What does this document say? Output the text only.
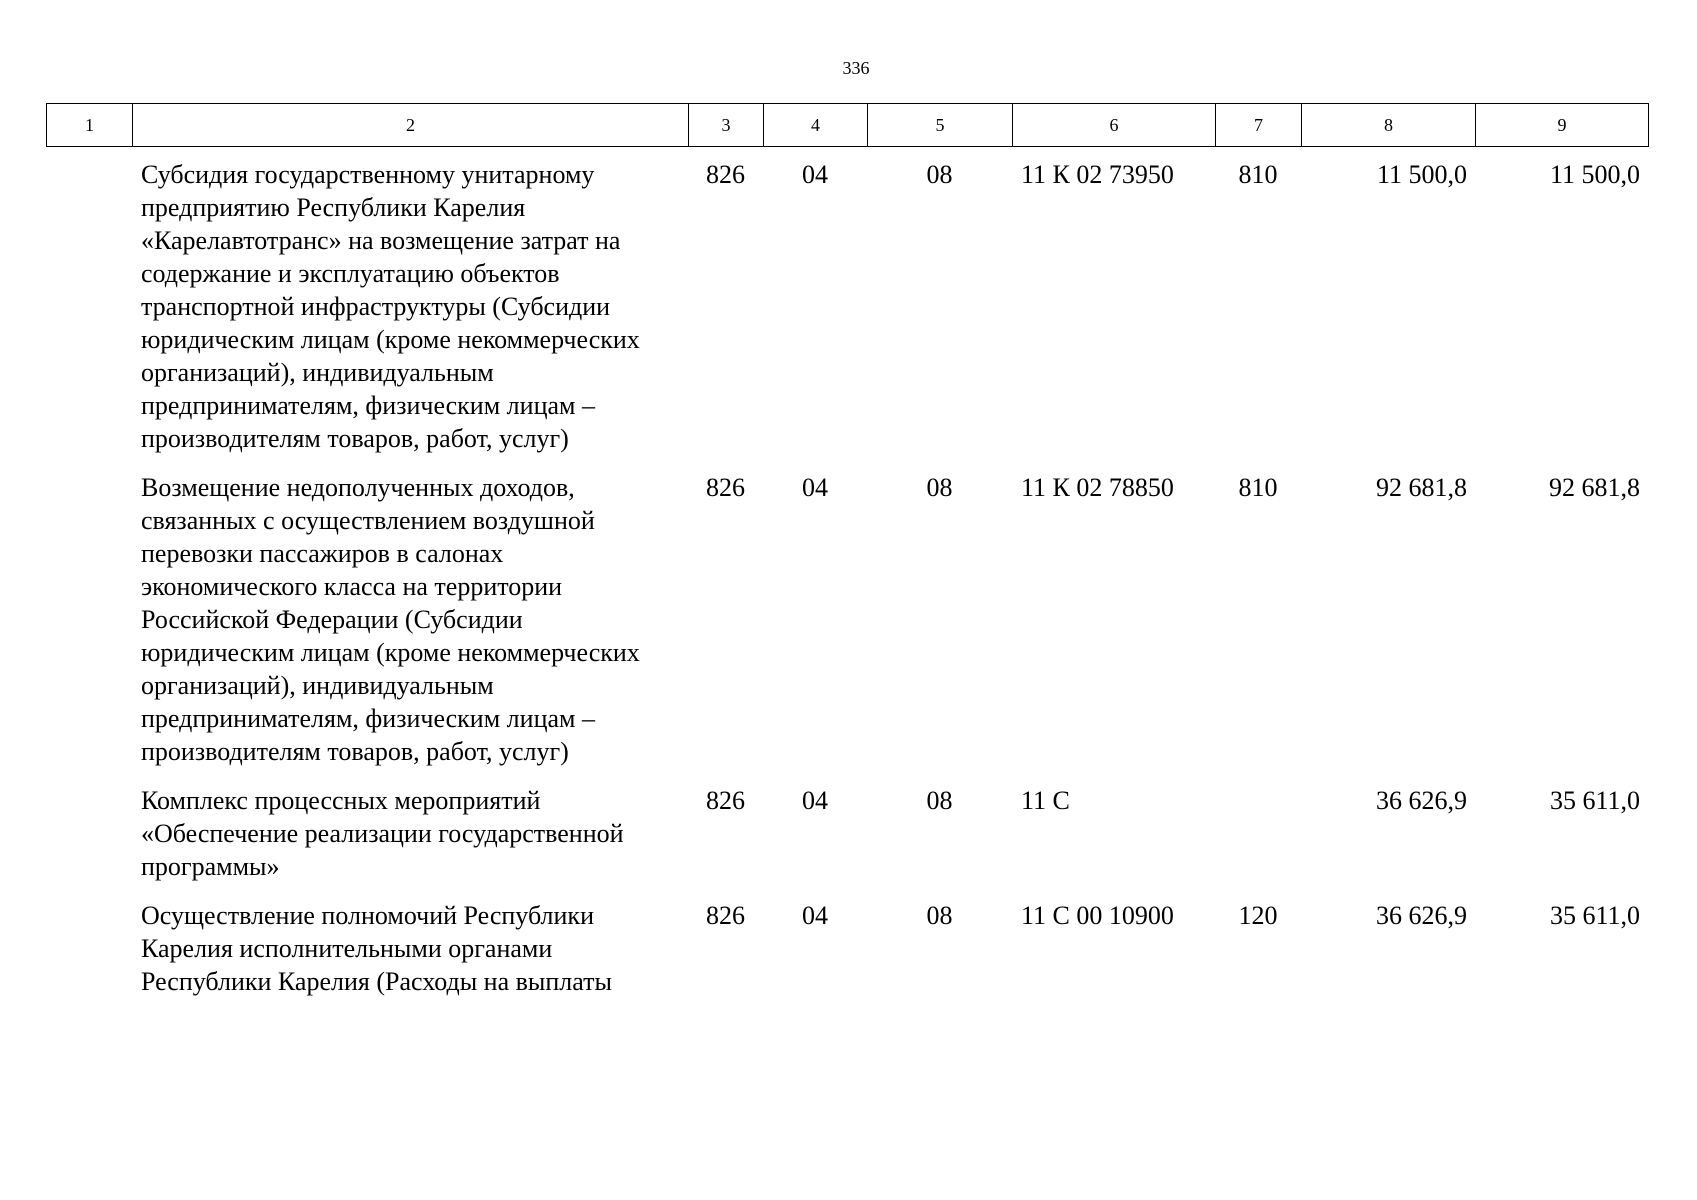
336
1	2	3	4	5	6	7	8	9
	Субсидия государственному унитарному предприятию Республики Карелия «Карелавтотранс» на возмещение затрат на содержание и эксплуатацию объектов транспортной инфраструктуры (Субсидии юридическим лицам (кроме некоммерческих организаций), индивидуальным предпринимателям, физическим лицам – производителям товаров, работ, услуг)	826	04	08	11 К 02 73950	810	11 500,0	11 500,0
	Возмещение недополученных доходов, связанных с осуществлением воздушной перевозки пассажиров в салонах экономического класса на территории Российской Федерации (Субсидии юридическим лицам (кроме некоммерческих организаций), индивидуальным предпринимателям, физическим лицам – производителям товаров, работ, услуг)	826	04	08	11 К 02 78850	810	92 681,8	92 681,8
	Комплекс процессных мероприятий «Обеспечение реализации государственной программы»	826	04	08	11 С		36 626,9	35 611,0
	Осуществление полномочий Республики Карелия исполнительными органами Республики Карелия (Расходы на выплаты	826	04	08	11 С 00 10900	120	36 626,9	35 611,0
